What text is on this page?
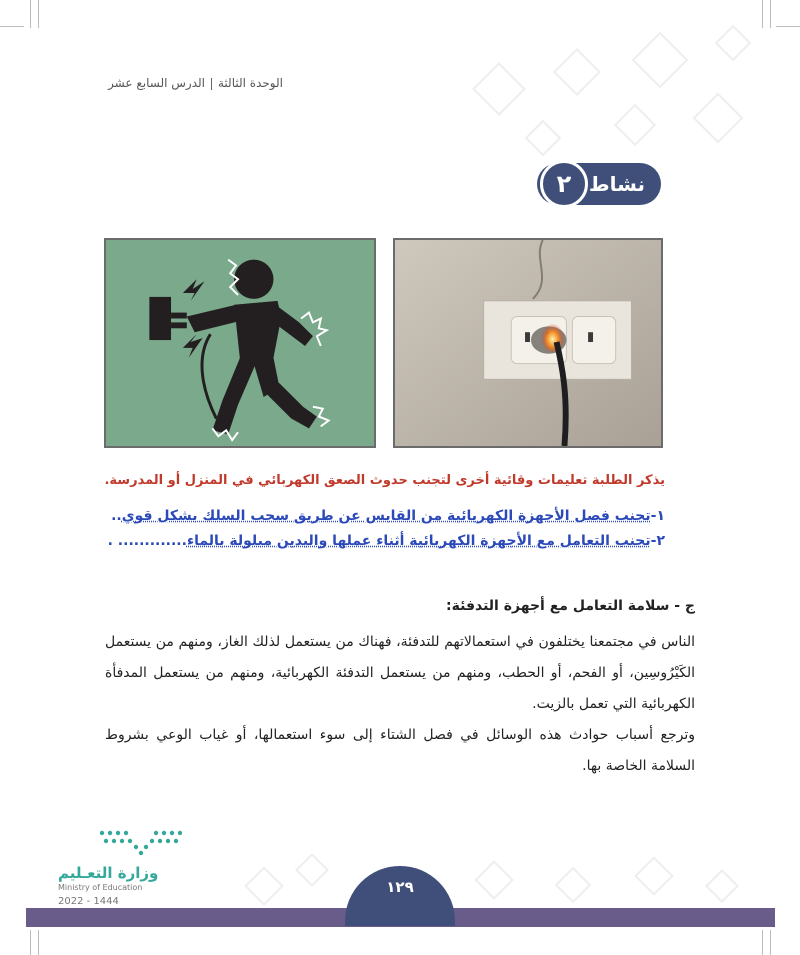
الوحدة الثالثةالدرس السابع عشر
٢ نشاط
يذكر الطلبة تعليمات وقائية أخرى لتجنب حدوث الصعق الكهربائي في المنزل أو المدرسة.
١-تجنب فصل الأجهزة الكهربائية من القابس عن طريق سحب السلك بشكل قوي..
٢-تجنب التعامل مع الأجهزة الكهربائية أثناء عملها واليدين مبلولة بالماء............. .
ج - سلامة التعامل مع أجهزة التدفئة:

الناس في مجتمعنا يختلفون في استعمالاتهم للتدفئة، فهناك من يستعمل لذلك الغاز، ومنهم من يستعمل الكَيْرُوسِين، أو الفحم، أو الحطب، ومنهم من يستعمل التدفئة الكهربائية، ومنهم من يستعمل المدفأة الكهربائية التي تعمل بالزيت.

وترجع أسباب حوادث هذه الوسائل في فصل الشتاء إلى سوء استعمالها، أو غياب الوعي بشروط السلامة الخاصة بها.

وزارة التعـليم
Ministry of Education
2022 - 1444
١٢٩
